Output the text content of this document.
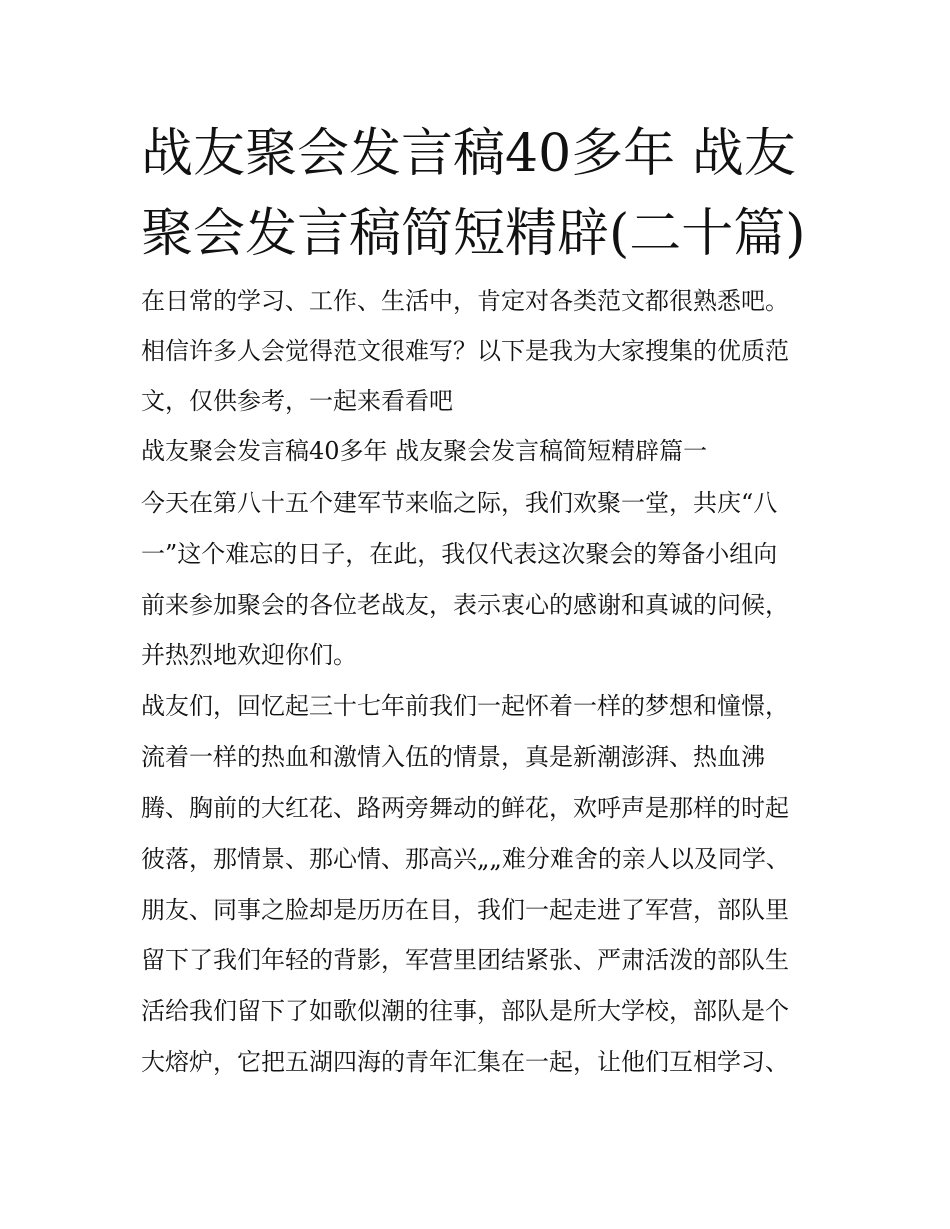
战友聚会发言稿40多年 战友
聚会发言稿简短精辟(二十篇)

在日常的学习、工作、生活中，肯定对各类范文都很熟悉吧。

相信许多人会觉得范文很难写？以下是我为大家搜集的优质范

文，仅供参考，一起来看看吧

战友聚会发言稿40多年 战友聚会发言稿简短精辟篇一

今天在第八十五个建军节来临之际，我们欢聚一堂，共庆“八

一”这个难忘的日子，在此，我仅代表这次聚会的筹备小组向

前来参加聚会的各位老战友，表示衷心的感谢和真诚的问候，

并热烈地欢迎你们。

战友们，回忆起三十七年前我们一起怀着一样的梦想和憧憬，

流着一样的热血和激情入伍的情景，真是新潮澎湃、热血沸

腾、胸前的大红花、路两旁舞动的鲜花，欢呼声是那样的时起

彼落，那情景、那心情、那高兴„„难分难舍的亲人以及同学、

朋友、同事之脸却是历历在目，我们一起走进了军营，部队里

留下了我们年轻的背影，军营里团结紧张、严肃活泼的部队生

活给我们留下了如歌似潮的往事，部队是所大学校，部队是个

大熔炉，它把五湖四海的青年汇集在一起，让他们互相学习、
